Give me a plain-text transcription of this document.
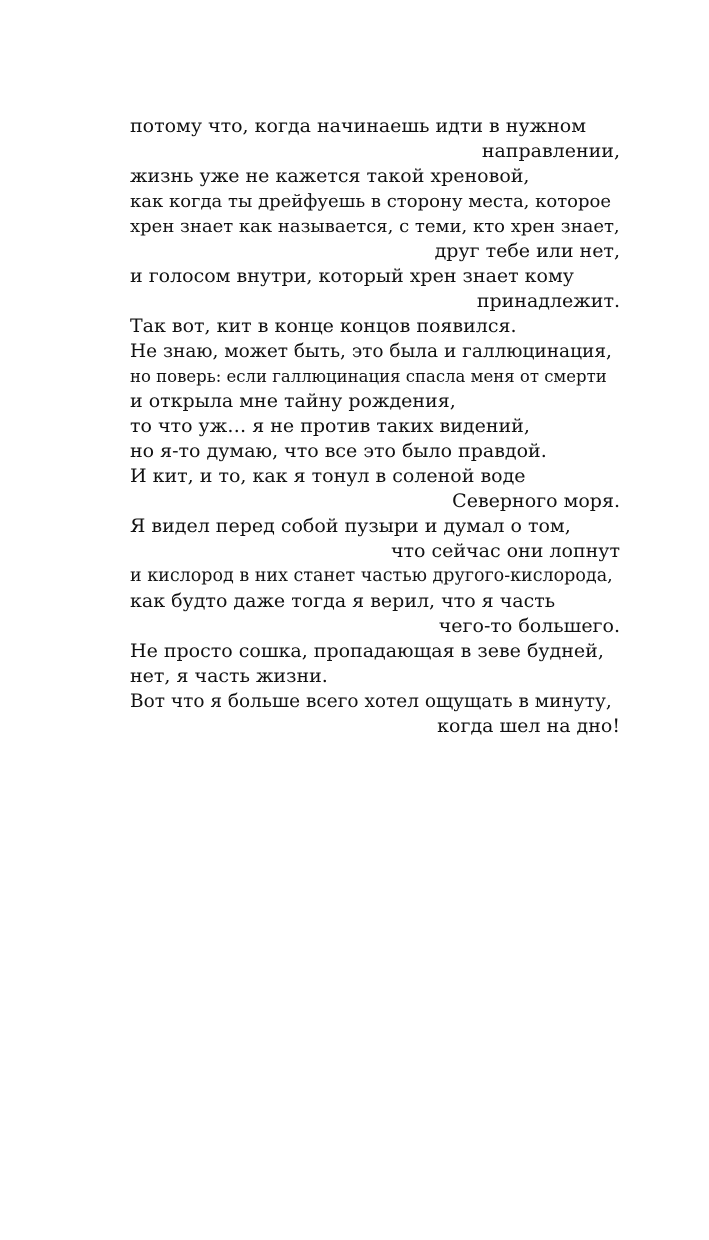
потому что, когда начинаешь идти в нужном
направлении,
жизнь уже не кажется такой хреновой,
как когда ты дрейфуешь в сторону места, которое
хрен знает как называется, с теми, кто хрен знает,
друг тебе или нет,
и голосом внутри, который хрен знает кому
принадлежит.
Так вот, кит в конце концов появился.
Не знаю, может быть, это была и галлюцинация,
но поверь: если галлюцинация спасла меня от смерти
и открыла мне тайну рождения,
то что уж… я не против таких видений,
но я-то думаю, что все это было правдой.
И кит, и то, как я тонул в соленой воде
Северного моря.
Я видел перед собой пузыри и думал о том,
что сейчас они лопнут
и кислород в них станет частью другого-кислорода,
как будто даже тогда я верил, что я часть
чего-то большего.
Не просто сошка, пропадающая в зеве будней,
нет, я часть жизни.
Вот что я больше всего хотел ощущать в минуту,
когда шел на дно!
